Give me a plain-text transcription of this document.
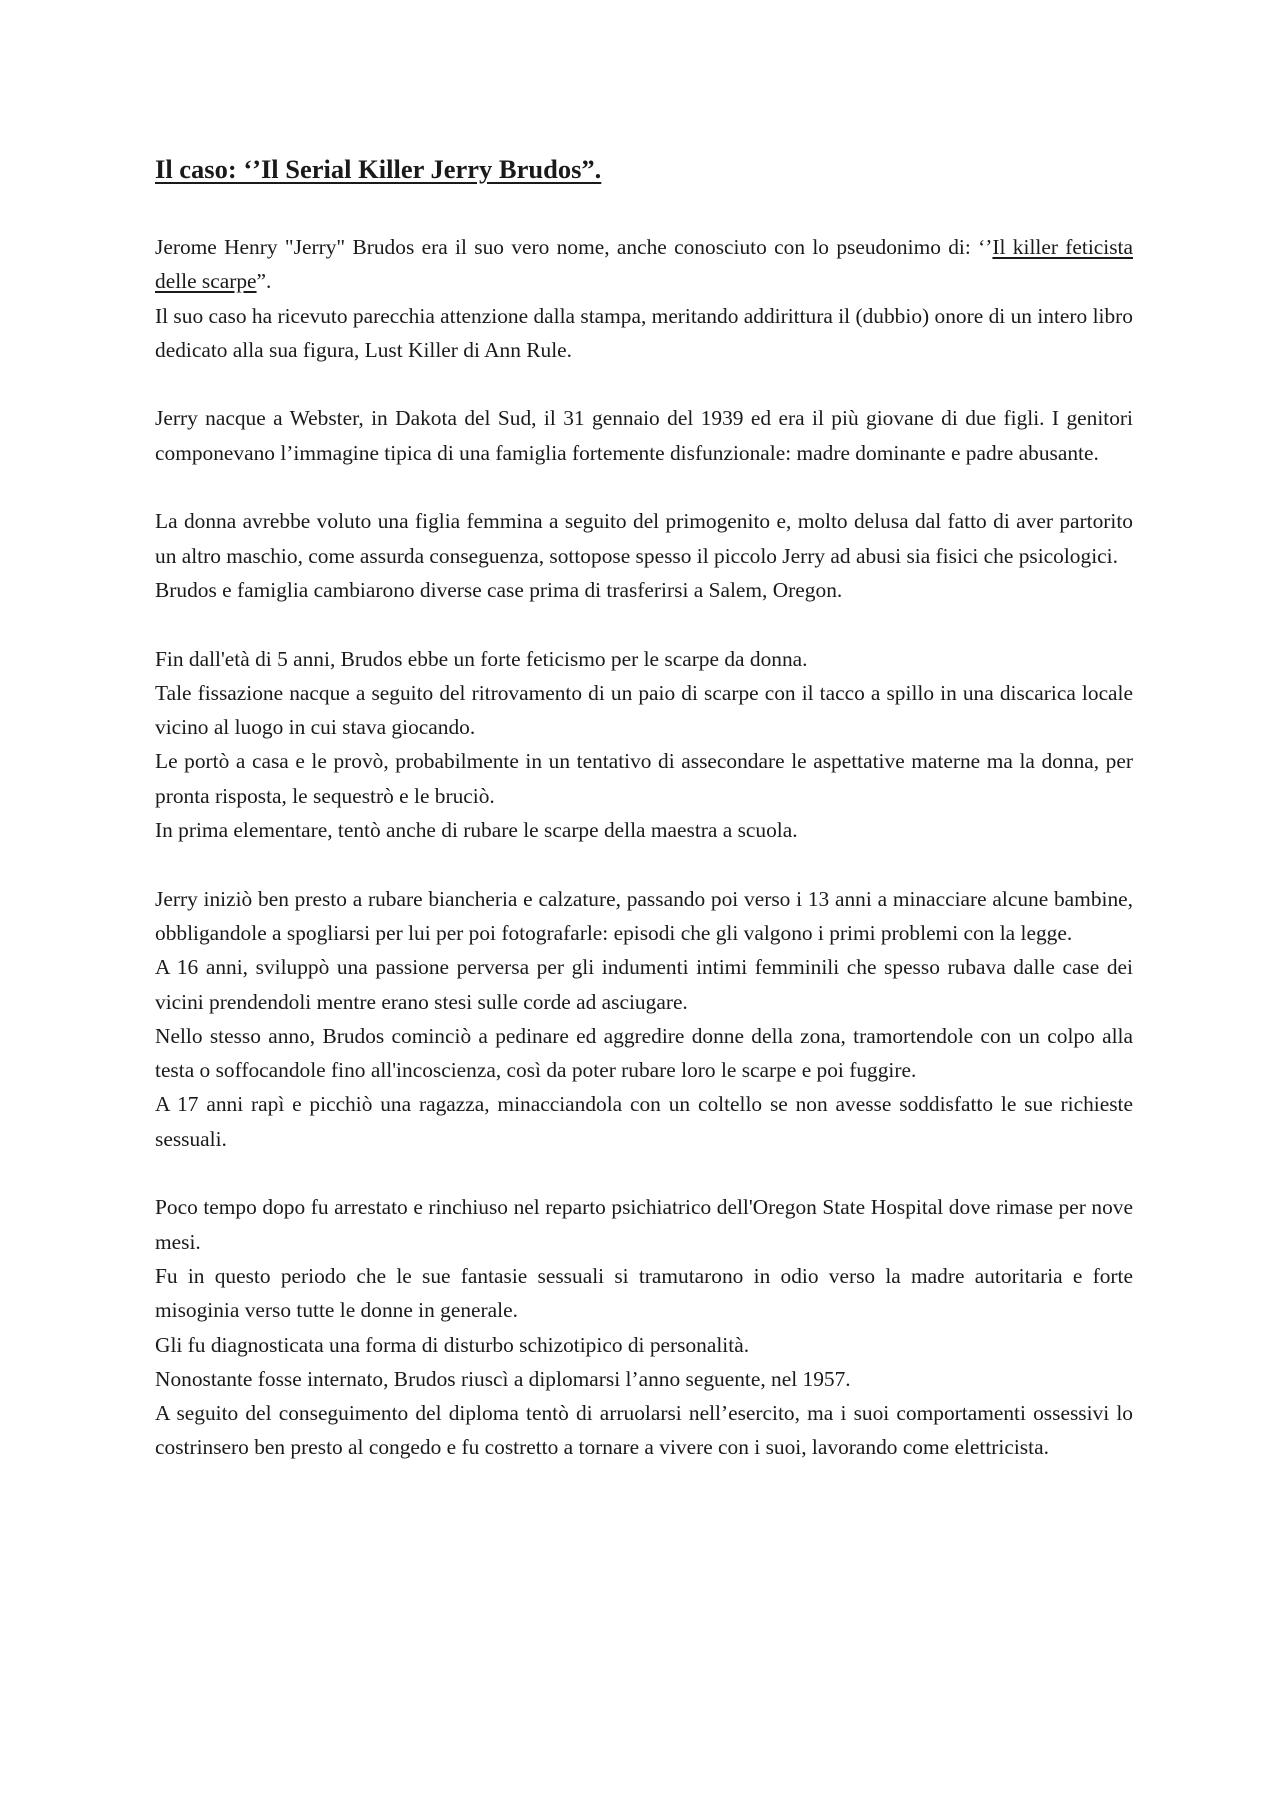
Il caso: ‘’Il Serial Killer Jerry Brudos”.

Jerome Henry "Jerry" Brudos era il suo vero nome, anche conosciuto con lo pseudonimo di: ‘’Il killer feticista delle scarpe”.

Il suo caso ha ricevuto parecchia attenzione dalla stampa, meritando addirittura il (dubbio) onore di un intero libro dedicato alla sua figura, Lust Killer di Ann Rule.

Jerry nacque a Webster, in Dakota del Sud, il 31 gennaio del 1939 ed era il più giovane di due figli. I genitori componevano l’immagine tipica di una famiglia fortemente disfunzionale: madre dominante e padre abusante.

La donna avrebbe voluto una figlia femmina a seguito del primogenito e, molto delusa dal fatto di aver partorito un altro maschio, come assurda conseguenza, sottopose spesso il piccolo Jerry ad abusi sia fisici che psicologici.

Brudos e famiglia cambiarono diverse case prima di trasferirsi a Salem, Oregon.

Fin dall'età di 5 anni, Brudos ebbe un forte feticismo per le scarpe da donna.

Tale fissazione nacque a seguito del ritrovamento di un paio di scarpe con il tacco a spillo in una discarica locale vicino al luogo in cui stava giocando.

Le portò a casa e le provò, probabilmente in un tentativo di assecondare le aspettative materne ma la donna, per pronta risposta, le sequestrò e le bruciò.

In prima elementare, tentò anche di rubare le scarpe della maestra a scuola.

Jerry iniziò ben presto a rubare biancheria e calzature, passando poi verso i 13 anni a minacciare alcune bambine, obbligandole a spogliarsi per lui per poi fotografarle: episodi che gli valgono i primi problemi con la legge.

A 16 anni, sviluppò una passione perversa per gli indumenti intimi femminili che spesso rubava dalle case dei vicini prendendoli mentre erano stesi sulle corde ad asciugare.

Nello stesso anno, Brudos cominciò a pedinare ed aggredire donne della zona, tramortendole con un colpo alla testa o soffocandole fino all'incoscienza, così da poter rubare loro le scarpe e poi fuggire.

A 17 anni rapì e picchiò una ragazza, minacciandola con un coltello se non avesse soddisfatto le sue richieste sessuali.

Poco tempo dopo fu arrestato e rinchiuso nel reparto psichiatrico dell'Oregon State Hospital dove rimase per nove mesi.

Fu in questo periodo che le sue fantasie sessuali si tramutarono in odio verso la madre autoritaria e forte misoginia verso tutte le donne in generale.

Gli fu diagnosticata una forma di disturbo schizotipico di personalità.

Nonostante fosse internato, Brudos riuscì a diplomarsi l’anno seguente, nel 1957.

A seguito del conseguimento del diploma tentò di arruolarsi nell’esercito, ma i suoi comportamenti ossessivi lo costrinsero ben presto al congedo e fu costretto a tornare a vivere con i suoi, lavorando come elettricista.
